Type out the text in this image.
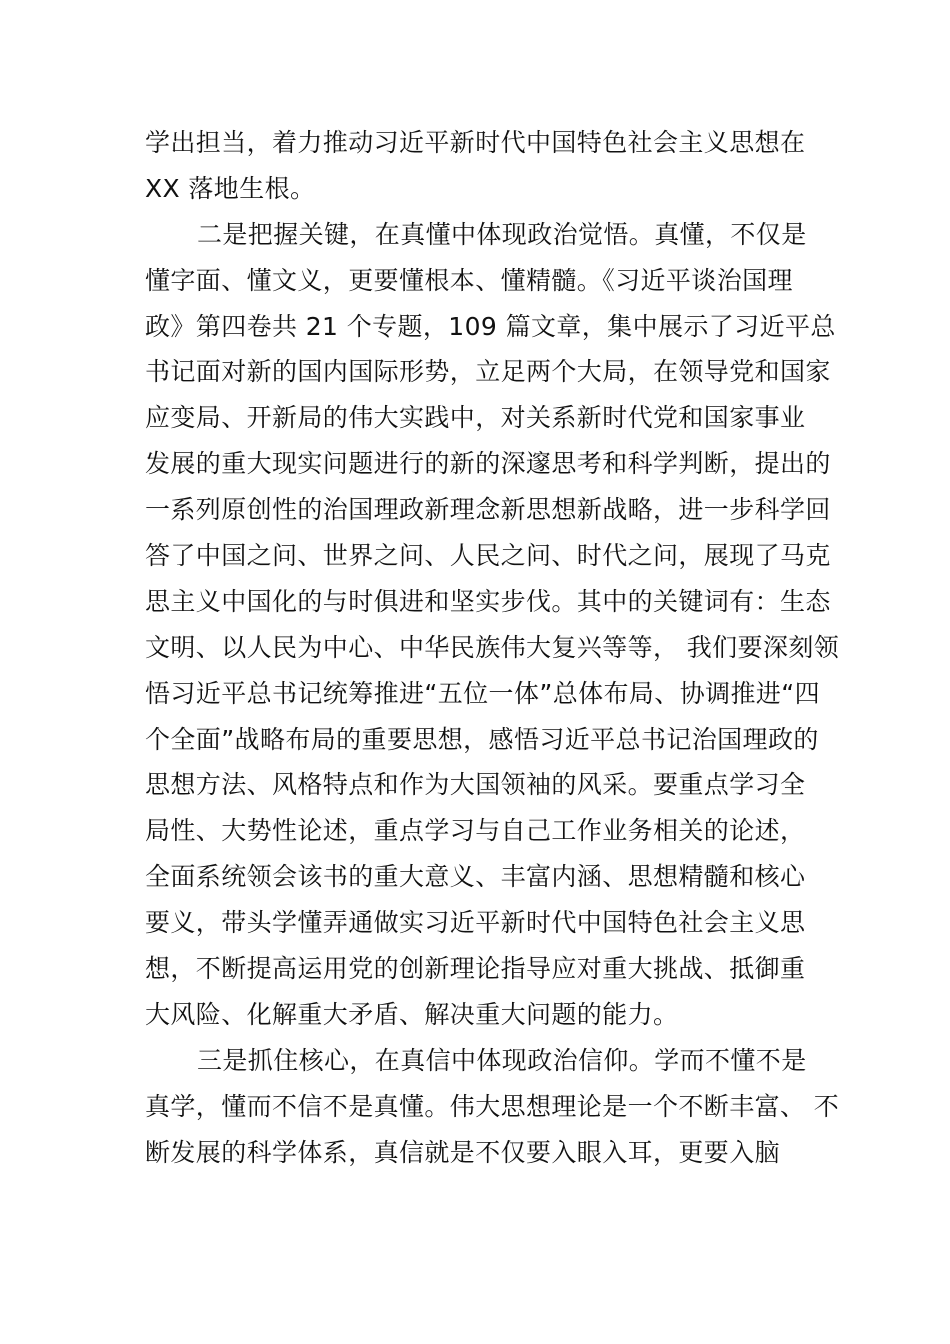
学出担当，着力推动习近平新时代中国特色社会主义思想在
XX 落地生根。
二是把握关键，在真懂中体现政治觉悟。真懂，不仅是
懂字面、懂文义，更要懂根本、懂精髓。《习近平谈治国理
政》第四卷共 21 个专题，109 篇文章，集中展示了习近平总
书记面对新的国内国际形势，立足两个大局，在领导党和国家
应变局、开新局的伟大实践中，对关系新时代党和国家事业
发展的重大现实问题进行的新的深邃思考和科学判断，提出的
一系列原创性的治国理政新理念新思想新战略，进一步科学回
答了中国之问、世界之问、人民之问、时代之问，展现了马克
思主义中国化的与时俱进和坚实步伐。其中的关键词有：生态
文明、以人民为中心、中华民族伟大复兴等等， 我们要深刻领
悟习近平总书记统筹推进“五位一体”总体布局、协调推进“四
个全面”战略布局的重要思想，感悟习近平总书记治国理政的
思想方法、风格特点和作为大国领袖的风采。要重点学习全
局性、大势性论述，重点学习与自己工作业务相关的论述，
全面系统领会该书的重大意义、丰富内涵、思想精髓和核心
要义，带头学懂弄通做实习近平新时代中国特色社会主义思
想，不断提高运用党的创新理论指导应对重大挑战、抵御重
大风险、化解重大矛盾、解决重大问题的能力。
三是抓住核心，在真信中体现政治信仰。学而不懂不是
真学，懂而不信不是真懂。伟大思想理论是一个不断丰富、 不
断发展的科学体系，真信就是不仅要入眼入耳，更要入脑
